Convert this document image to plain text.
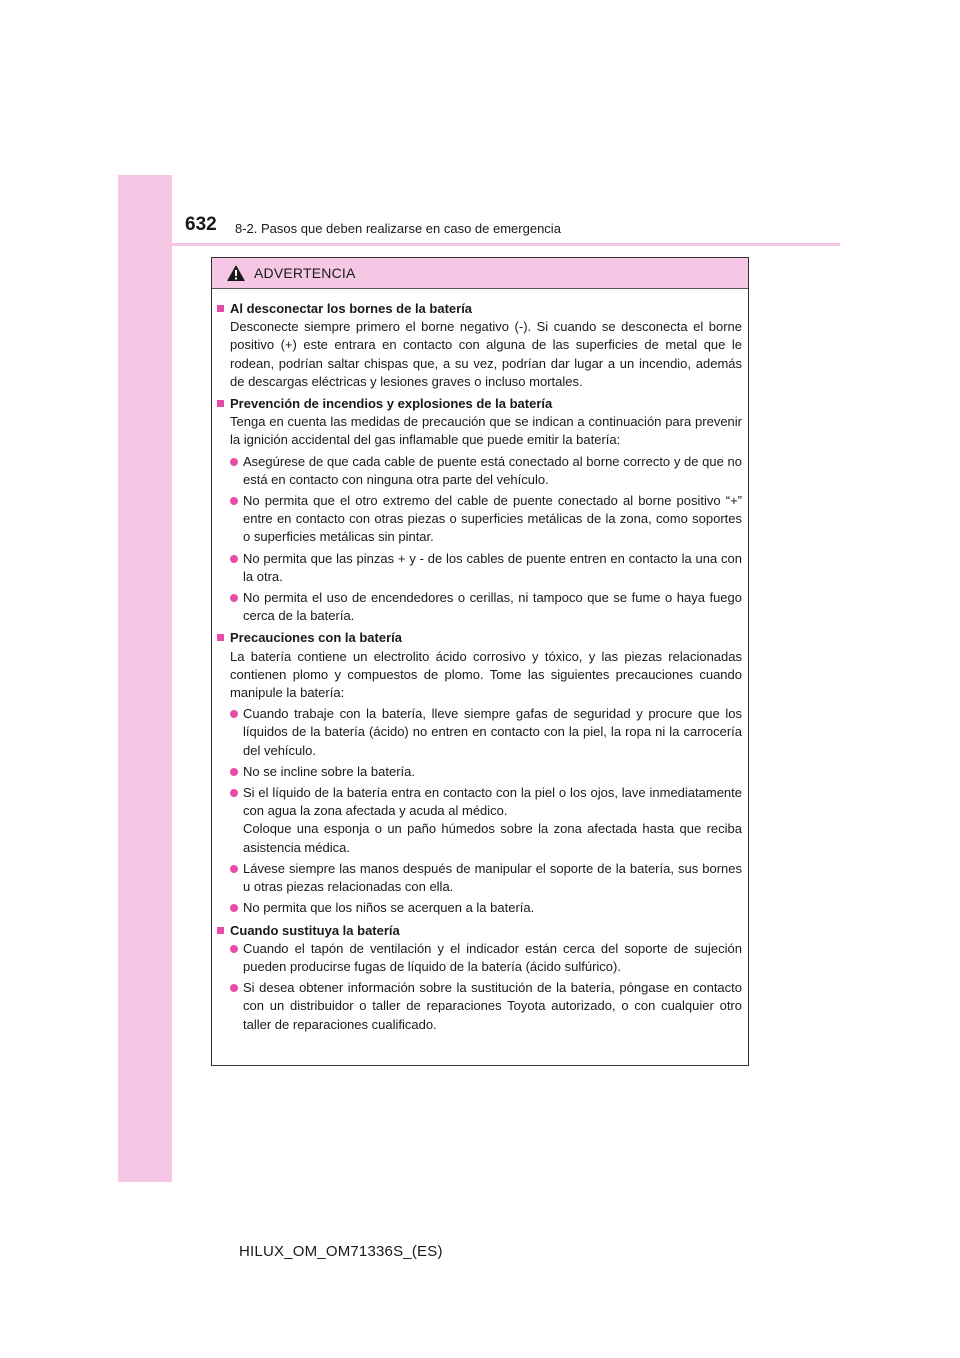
632 8-2. Pasos que deben realizarse en caso de emergencia
ADVERTENCIA
Al desconectar los bornes de la batería
Desconecte siempre primero el borne negativo (-). Si cuando se desconecta el borne positivo (+) este entrara en contacto con alguna de las superficies de metal que le rodean, podrían saltar chispas que, a su vez, podrían dar lugar a un incendio, además de descargas eléctricas y lesiones graves o incluso mortales.
Prevención de incendios y explosiones de la batería
Tenga en cuenta las medidas de precaución que se indican a continuación para prevenir la ignición accidental del gas inflamable que puede emitir la batería:
Asegúrese de que cada cable de puente está conectado al borne correcto y de que no está en contacto con ninguna otra parte del vehículo.
No permita que el otro extremo del cable de puente conectado al borne positivo “+” entre en contacto con otras piezas o superficies metálicas de la zona, como soportes o superficies metálicas sin pintar.
No permita que las pinzas + y - de los cables de puente entren en contacto la una con la otra.
No permita el uso de encendedores o cerillas, ni tampoco que se fume o haya fuego cerca de la batería.
Precauciones con la batería
La batería contiene un electrolito ácido corrosivo y tóxico, y las piezas relacionadas contienen plomo y compuestos de plomo. Tome las siguientes precauciones cuando manipule la batería:
Cuando trabaje con la batería, lleve siempre gafas de seguridad y procure que los líquidos de la batería (ácido) no entren en contacto con la piel, la ropa ni la carrocería del vehículo.
No se incline sobre la batería.
Si el líquido de la batería entra en contacto con la piel o los ojos, lave inmediatamente con agua la zona afectada y acuda al médico.
Coloque una esponja o un paño húmedos sobre la zona afectada hasta que reciba asistencia médica.
Lávese siempre las manos después de manipular el soporte de la batería, sus bornes u otras piezas relacionadas con ella.
No permita que los niños se acerquen a la batería.
Cuando sustituya la batería
Cuando el tapón de ventilación y el indicador están cerca del soporte de sujeción pueden producirse fugas de líquido de la batería (ácido sulfúrico).
Si desea obtener información sobre la sustitución de la batería, póngase en contacto con un distribuidor o taller de reparaciones Toyota autorizado, o con cualquier otro taller de reparaciones cualificado.
HILUX_OM_OM71336S_(ES)
